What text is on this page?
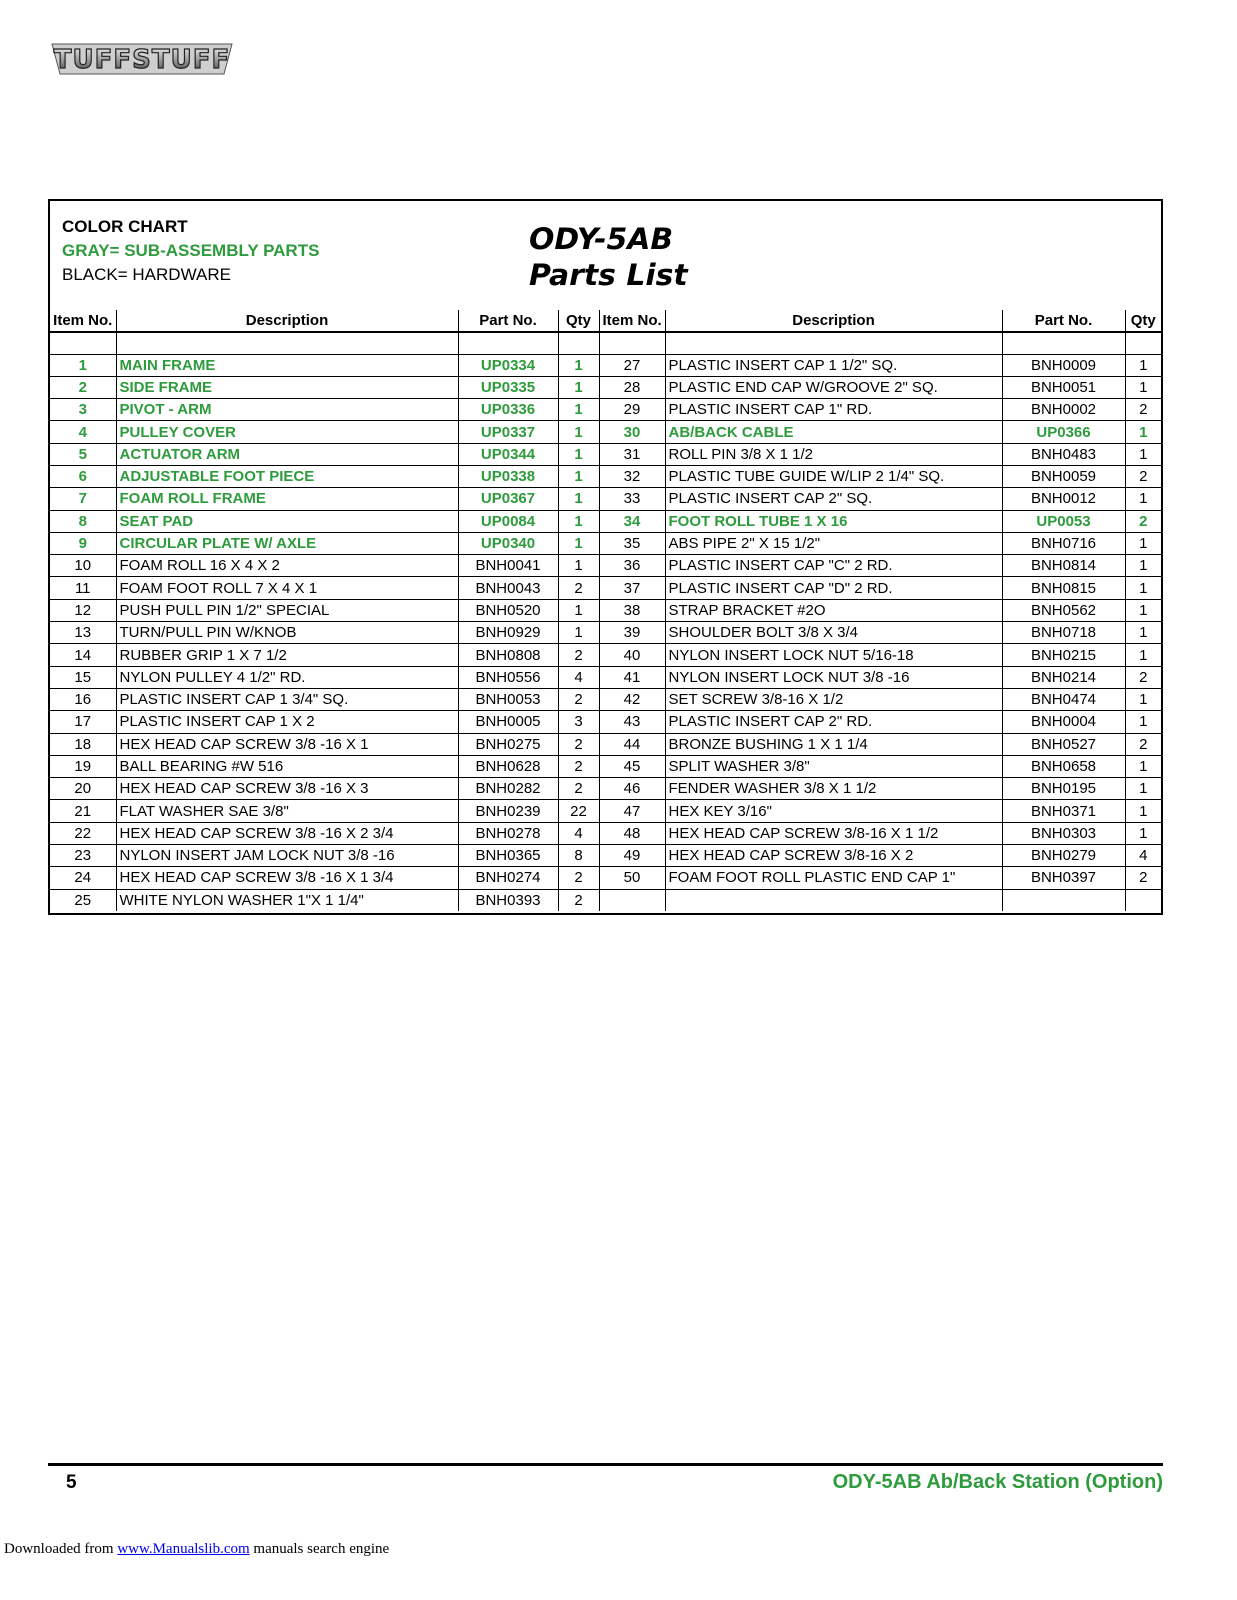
TUFFSTUFF
COLOR CHART
GRAY= SUB-ASSEMBLY PARTS
BLACK= HARDWARE
ODY-5AB
Parts List
Item No.	Description	Part No.	Qty	Item No.	Description	Part No.	Qty

1	MAIN FRAME	UP0334	1	27	PLASTIC INSERT CAP 1 1/2" SQ.	BNH0009	1
2	SIDE FRAME	UP0335	1	28	PLASTIC END CAP W/GROOVE 2" SQ.	BNH0051	1
3	PIVOT - ARM	UP0336	1	29	PLASTIC INSERT CAP 1" RD.	BNH0002	2
4	PULLEY COVER	UP0337	1	30	AB/BACK CABLE	UP0366	1
5	ACTUATOR ARM	UP0344	1	31	ROLL PIN 3/8 X 1 1/2	BNH0483	1
6	ADJUSTABLE FOOT PIECE	UP0338	1	32	PLASTIC TUBE GUIDE W/LIP 2 1/4" SQ.	BNH0059	2
7	FOAM ROLL FRAME	UP0367	1	33	PLASTIC INSERT CAP 2" SQ.	BNH0012	1
8	SEAT PAD	UP0084	1	34	FOOT ROLL TUBE 1 X 16	UP0053	2
9	CIRCULAR PLATE W/ AXLE	UP0340	1	35	ABS PIPE 2" X 15 1/2"	BNH0716	1
10	FOAM ROLL 16 X 4 X 2	BNH0041	1	36	PLASTIC INSERT CAP "C" 2 RD.	BNH0814	1
11	FOAM FOOT ROLL 7 X 4 X 1	BNH0043	2	37	PLASTIC INSERT CAP "D" 2 RD.	BNH0815	1
12	PUSH PULL PIN 1/2" SPECIAL	BNH0520	1	38	STRAP BRACKET #2O	BNH0562	1
13	TURN/PULL PIN W/KNOB	BNH0929	1	39	SHOULDER BOLT 3/8 X 3/4	BNH0718	1
14	RUBBER GRIP 1 X 7 1/2	BNH0808	2	40	NYLON INSERT LOCK NUT 5/16-18	BNH0215	1
15	NYLON PULLEY 4 1/2" RD.	BNH0556	4	41	NYLON INSERT LOCK NUT 3/8 -16	BNH0214	2
16	PLASTIC INSERT CAP 1 3/4" SQ.	BNH0053	2	42	SET SCREW 3/8-16 X 1/2	BNH0474	1
17	PLASTIC INSERT CAP 1 X 2	BNH0005	3	43	PLASTIC INSERT CAP 2" RD.	BNH0004	1
18	HEX HEAD CAP SCREW 3/8 -16 X 1	BNH0275	2	44	BRONZE BUSHING 1 X 1 1/4	BNH0527	2
19	BALL BEARING #W 516	BNH0628	2	45	SPLIT WASHER 3/8"	BNH0658	1
20	HEX HEAD CAP SCREW 3/8 -16 X 3	BNH0282	2	46	FENDER WASHER 3/8 X 1 1/2	BNH0195	1
21	FLAT WASHER SAE 3/8"	BNH0239	22	47	HEX KEY 3/16"	BNH0371	1
22	HEX HEAD CAP SCREW 3/8 -16 X 2 3/4	BNH0278	4	48	HEX HEAD CAP SCREW 3/8-16 X 1 1/2	BNH0303	1
23	NYLON INSERT JAM LOCK NUT 3/8 -16	BNH0365	8	49	HEX HEAD CAP SCREW 3/8-16 X 2	BNH0279	4
24	HEX HEAD CAP SCREW 3/8 -16 X 1 3/4	BNH0274	2	50	FOAM FOOT ROLL PLASTIC END CAP 1"	BNH0397	2
25	WHITE NYLON WASHER 1"X 1 1/4"	BNH0393	2				
5	ODY-5AB Ab/Back Station (Option)
Downloaded from www.Manualslib.com manuals search engine
